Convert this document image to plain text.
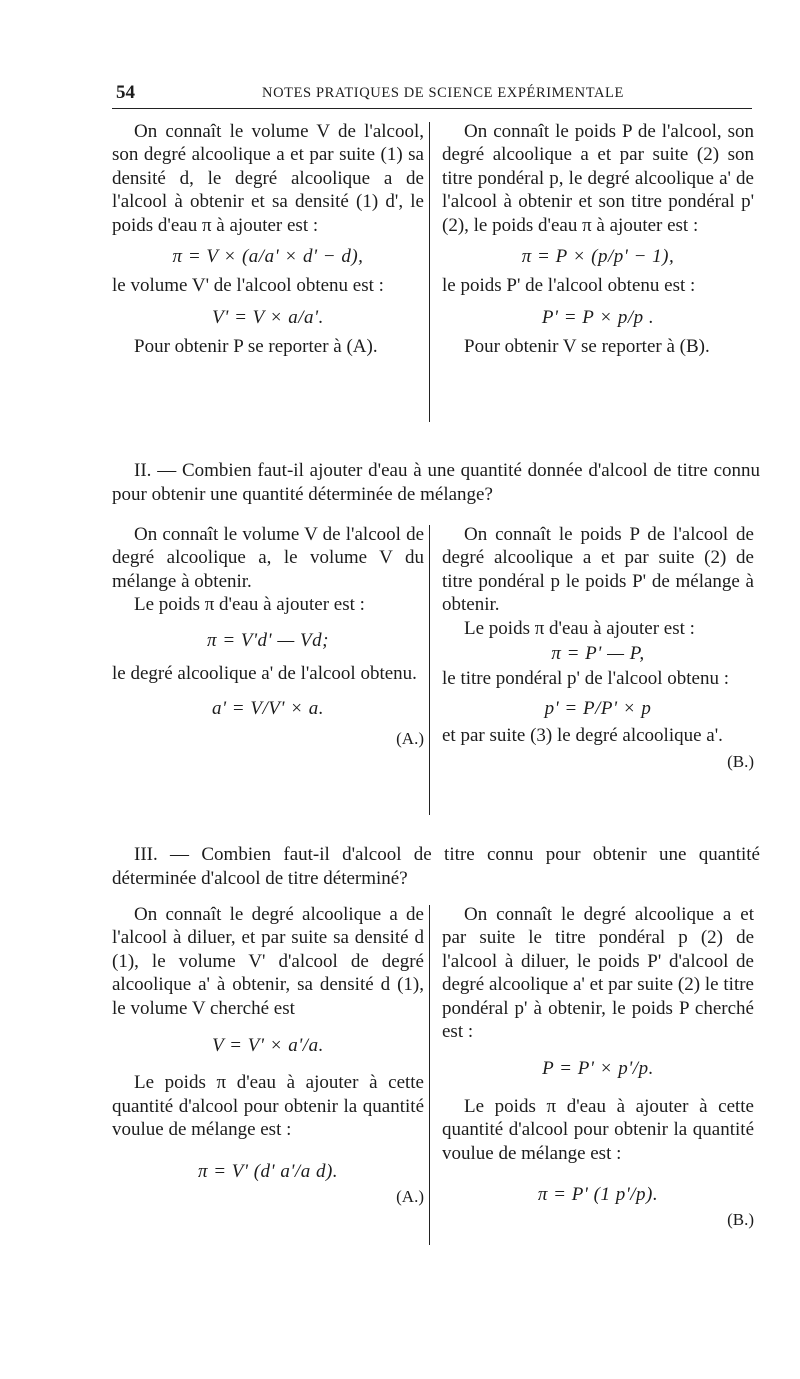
54	NOTES PRATIQUES DE SCIENCE EXPÉRIMENTALE

On connaît le volume V de l'alcool, son degré alcoolique a et par suite (1) sa densité d, le degré alcoolique a de l'alcool à obtenir et sa densité (1) d', le poids d'eau π à ajouter est :

π = V × (a/a' × d' − d),

le volume V' de l'alcool obtenu est :

V' = V × a/a'.

Pour obtenir P se reporter à (A).

On connaît le poids P de l'alcool, son degré alcoolique a et par suite (2) son titre pondéral p, le degré alcoolique a' de l'alcool à obtenir et son titre pondéral p' (2), le poids d'eau π à ajouter est :

π = P × (p/p' − 1),

le poids P' de l'alcool obtenu est :

P' = P × p/p .

Pour obtenir V se reporter à (B).

II. — Combien faut-il ajouter d'eau à une quantité donnée d'alcool de titre connu pour obtenir une quantité déterminée de mélange?

On connaît le volume V de l'alcool de degré alcoolique a, le volume V du mélange à obtenir.

Le poids π d'eau à ajouter est :

π = V'd' — Vd;

le degré alcoolique a' de l'alcool obtenu.

a' = V/V' × a.
(A.)

On connaît le poids P de l'alcool de degré alcoolique a et par suite (2) de titre pondéral p le poids P' de mélange à obtenir.

Le poids π d'eau à ajouter est :

π = P' — P,

le titre pondéral p' de l'alcool obtenu :

p' = P/P' × p

et par suite (3) le degré alcoolique a'.

(B.)

III. — Combien faut-il d'alcool de titre connu pour obtenir une quantité déterminée d'alcool de titre déterminé?

On connaît le degré alcoolique a de l'alcool à diluer, et par suite sa densité d (1), le volume V' d'alcool de degré alcoolique a' à obtenir, sa densité d (1), le volume V cherché est

V = V' × a'/a.

Le poids π d'eau à ajouter à cette quantité d'alcool pour obtenir la quantité voulue de mélange est :

π = V' (d' a'/a d).
(A.)

On connaît le degré alcoolique a et par suite le titre pondéral p (2) de l'alcool à diluer, le poids P' d'alcool de degré alcoolique a' et par suite (2) le titre pondéral p' à obtenir, le poids P cherché est :

P = P' × p'/p.

Le poids π d'eau à ajouter à cette quantité d'alcool pour obtenir la quantité voulue de mélange est :

π = P' (1 p'/p).
(B.)
